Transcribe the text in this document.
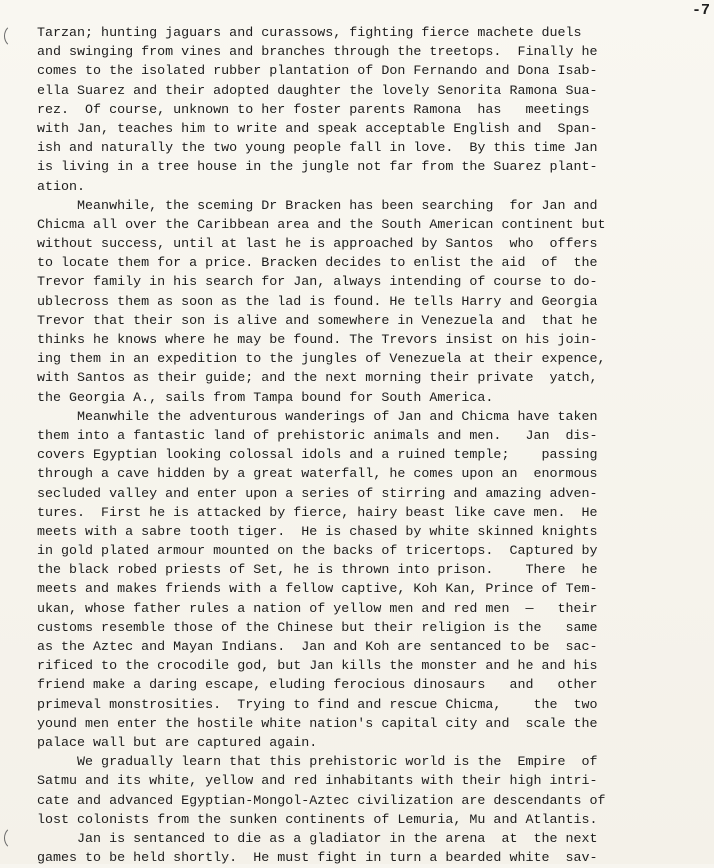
-7
Tarzan; hunting jaguars and curassows, fighting fierce machete duels
and swinging from vines and branches through the treetops.  Finally he
comes to the isolated rubber plantation of Don Fernando and Dona Isab-
ella Suarez and their adopted daughter the lovely Senorita Ramona Sua-
rez.  Of course, unknown to her foster parents Ramona  has   meetings
with Jan, teaches him to write and speak acceptable English and  Span-
ish and naturally the two young people fall in love.  By this time Jan
is living in a tree house in the jungle not far from the Suarez plant-
ation.
Meanwhile, the sceming Dr Bracken has been searching  for Jan and
Chicma all over the Caribbean area and the South American continent but
without success, until at last he is approached by Santos  who  offers
to locate them for a price. Bracken decides to enlist the aid  of  the
Trevor family in his search for Jan, always intending of course to do-
ublecross them as soon as the lad is found. He tells Harry and Georgia
Trevor that their son is alive and somewhere in Venezuela and  that he
thinks he knows where he may be found. The Trevors insist on his join-
ing them in an expedition to the jungles of Venezuela at their expence,
with Santos as their guide; and the next morning their private  yatch,
the Georgia A., sails from Tampa bound for South America.
Meanwhile the adventurous wanderings of Jan and Chicma have taken
them into a fantastic land of prehistoric animals and men.   Jan  dis-
covers Egyptian looking colossal idols and a ruined temple;    passing
through a cave hidden by a great waterfall, he comes upon an  enormous
secluded valley and enter upon a series of stirring and amazing adven-
tures.  First he is attacked by fierce, hairy beast like cave men.  He
meets with a sabre tooth tiger.  He is chased by white skinned knights
in gold plated armour mounted on the backs of tricertops.  Captured by
the black robed priests of Set, he is thrown into prison.    There  he
meets and makes friends with a fellow captive, Koh Kan, Prince of Tem-
ukan, whose father rules a nation of yellow men and red men  —   their
customs resemble those of the Chinese but their religion is the   same
as the Aztec and Mayan Indians.  Jan and Koh are sentanced to be  sac-
rificed to the crocodile god, but Jan kills the monster and he and his
friend make a daring escape, eluding ferocious dinosaurs   and   other
primeval monstrosities.  Trying to find and rescue Chicma,    the  two
yound men enter the hostile white nation's capital city and  scale the
palace wall but are captured again.
We gradually learn that this prehistoric world is the  Empire  of
Satmu and its white, yellow and red inhabitants with their high intri-
cate and advanced Egyptian-Mongol-Aztec civilization are descendants of
lost colonists from the sunken continents of Lemuria, Mu and Atlantis.
Jan is sentanced to die as a gladiator in the arena  at  the next
games to be held shortly.  He must fight in turn a bearded white  sav-
